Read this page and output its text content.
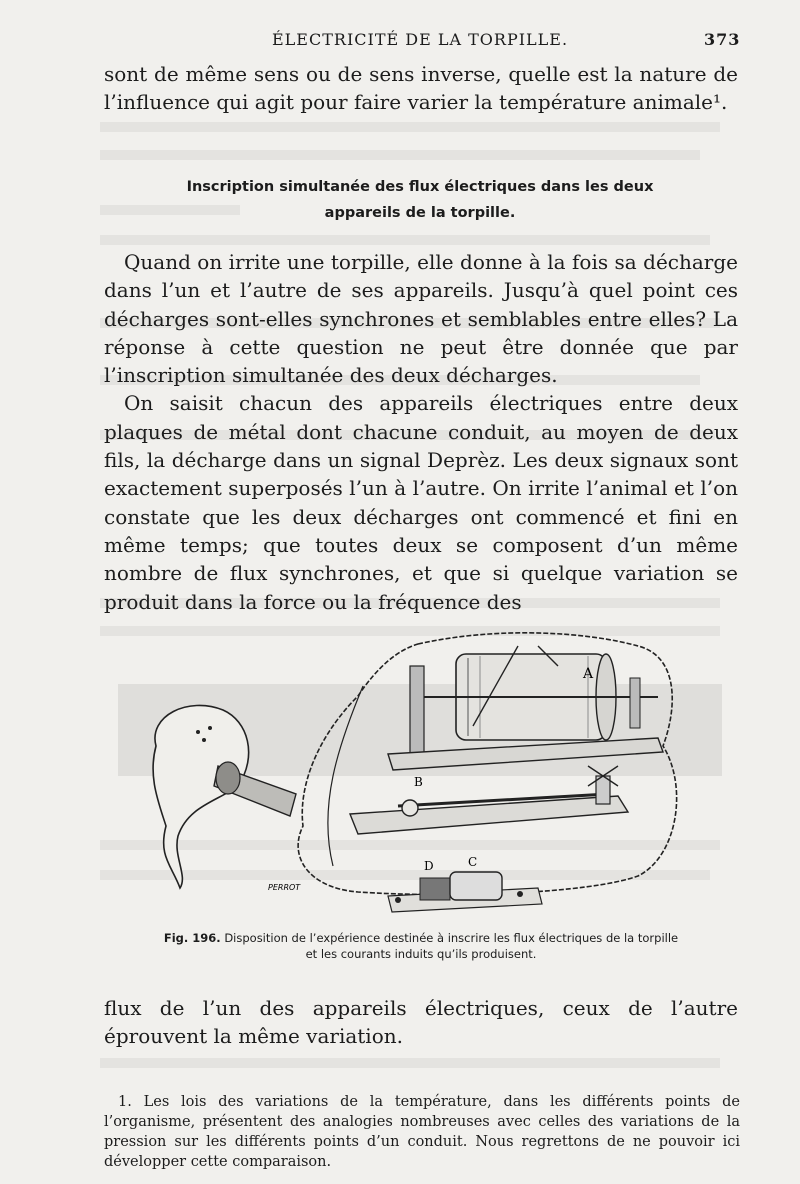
ÉLECTRICITÉ DE LA TORPILLE.	373

sont de même sens ou de sens inverse, quelle est la nature de l’influence qui agit pour faire varier la température animale¹.

Inscription simultanée des flux électriques dans les deux
appareils de la torpille.

Quand on irrite une torpille, elle donne à la fois sa décharge dans l’un et l’autre de ses appareils. Jusqu’à quel point ces décharges sont-elles synchrones et semblables entre elles? La réponse à cette question ne peut être donnée que par l’inscription simultanée des deux décharges.

On saisit chacun des appareils électriques entre deux plaques de métal dont chacune conduit, au moyen de deux fils, la décharge dans un signal Deprèz. Les deux signaux sont exactement superposés l’un à l’autre. On irrite l’animal et l’on constate que les deux décharges ont commencé et fini en même temps; que toutes deux se composent d’un même nombre de flux synchrones, et que si quelque variation se produit dans la force ou la fréquence des

A
B
D	C
PERROT
Fig. 196. Disposition de l’expérience destinée à inscrire les flux électriques de la torpille
et les courants induits qu’ils produisent.

flux de l’un des appareils électriques, ceux de l’autre éprouvent la même variation.

1. Les lois des variations de la température, dans les différents points de l’organisme, présentent des analogies nombreuses avec celles des variations de la pression sur les différents points d’un conduit. Nous regrettons de ne pouvoir ici développer cette comparaison.
